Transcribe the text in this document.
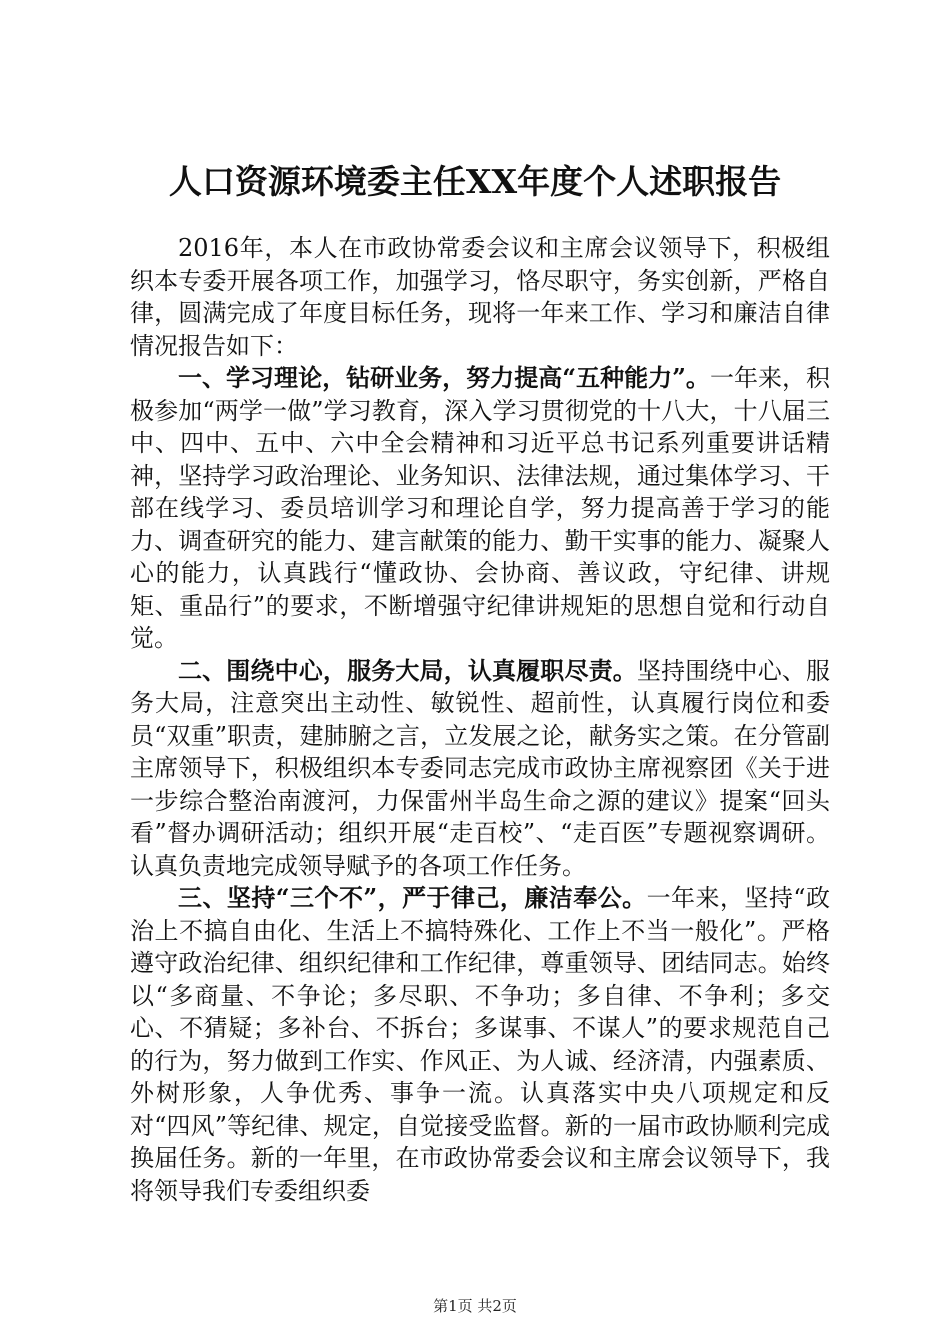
人口资源环境委主任XX年度个人述职报告

2016年，本人在市政协常委会议和主席会议领导下，积极组织本专委开展各项工作，加强学习，恪尽职守，务实创新，严格自律，圆满完成了年度目标任务，现将一年来工作、学习和廉洁自律情况报告如下：

一、学习理论，钻研业务，努力提高“五种能力”。一年来，积极参加“两学一做”学习教育，深入学习贯彻党的十八大，十八届三中、四中、五中、六中全会精神和习近平总书记系列重要讲话精神，坚持学习政治理论、业务知识、法律法规，通过集体学习、干部在线学习、委员培训学习和理论自学，努力提高善于学习的能力、调查研究的能力、建言献策的能力、勤干实事的能力、凝聚人心的能力，认真践行“懂政协、会协商、善议政，守纪律、讲规矩、重品行”的要求，不断增强守纪律讲规矩的思想自觉和行动自觉。

二、围绕中心，服务大局，认真履职尽责。坚持围绕中心、服务大局，注意突出主动性、敏锐性、超前性，认真履行岗位和委员“双重”职责，建肺腑之言，立发展之论，献务实之策。在分管副主席领导下，积极组织本专委同志完成市政协主席视察团《关于进一步综合整治南渡河，力保雷州半岛生命之源的建议》提案“回头看”督办调研活动；组织开展“走百校”、“走百医”专题视察调研。认真负责地完成领导赋予的各项工作任务。

三、坚持“三个不”，严于律己，廉洁奉公。一年来，坚持“政治上不搞自由化、生活上不搞特殊化、工作上不当一般化”。严格遵守政治纪律、组织纪律和工作纪律，尊重领导、团结同志。始终以“多商量、不争论；多尽职、不争功；多自律、不争利；多交心、不猜疑；多补台、不拆台；多谋事、不谋人”的要求规范自己的行为，努力做到工作实、作风正、为人诚、经济清，内强素质、外树形象，人争优秀、事争一流。认真落实中央八项规定和反对“四风”等纪律、规定，自觉接受监督。新的一届市政协顺利完成换届任务。新的一年里，在市政协常委会议和主席会议领导下，我将领导我们专委组织委

第1页 共2页
